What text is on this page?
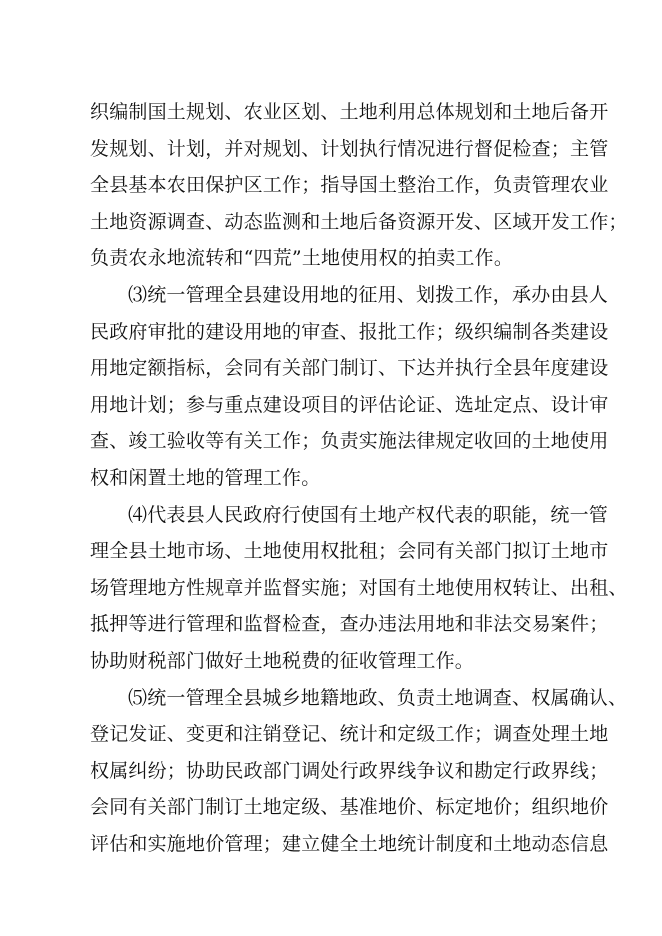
织编制国土规划、农业区划、土地利用总体规划和土地后备开
发规划、计划，并对规划、计划执行情况进行督促检查；主管
全县基本农田保护区工作；指导国土整治工作，负责管理农业
土地资源调查、动态监测和土地后备资源开发、区域开发工作；
负责农永地流转和“四荒”土地使用权的拍卖工作。
⑶统一管理全县建设用地的征用、划拨工作，承办由县人
民政府审批的建设用地的审查、报批工作；级织编制各类建设
用地定额指标，会同有关部门制订、下达并执行全县年度建设
用地计划；参与重点建设项目的评估论证、选址定点、设计审
查、竣工验收等有关工作；负责实施法律规定收回的土地使用
权和闲置土地的管理工作。
⑷代表县人民政府行使国有土地产权代表的职能，统一管
理全县土地市场、土地使用权批租；会同有关部门拟订土地市
场管理地方性规章并监督实施；对国有土地使用权转让、出租、
抵押等进行管理和监督检查，查办违法用地和非法交易案件；
协助财税部门做好土地税费的征收管理工作。
⑸统一管理全县城乡地籍地政、负责土地调查、权属确认、
登记发证、变更和注销登记、统计和定级工作；调查处理土地
权属纠纷；协助民政部门调处行政界线争议和勘定行政界线；
会同有关部门制订土地定级、基准地价、标定地价；组织地价
评估和实施地价管理；建立健全土地统计制度和土地动态信息
